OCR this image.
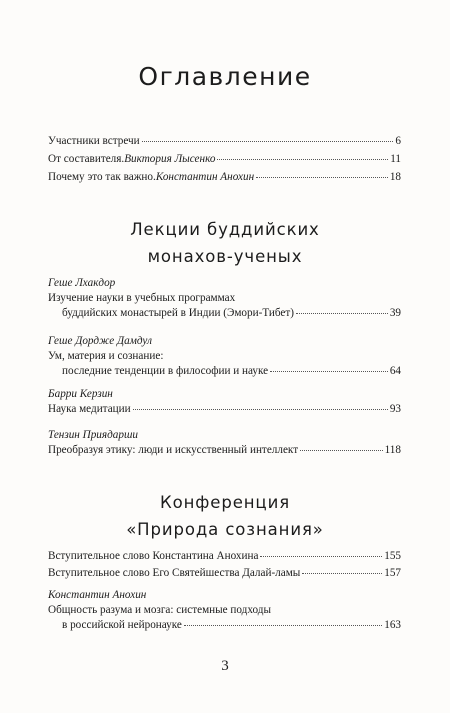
Оглавление
Участники встречи	6
От составителя. Виктория Лысенко	11
Почему это так важно. Константин Анохин	18
Лекции буддийских
монахов-ученых
Геше Лхакдор
Изучение науки в учебных программах
буддийских монастырей в Индии (Эмори-Тибет)	39
Геше Дордже Дамдул
Ум, материя и сознание:
последние тенденции в философии и науке	64
Барри Керзин
Наука медитации	93
Тензин Приядарши
Преобразуя этику: люди и искусственный интеллект	118
Конференция
«Природа сознания»
Вступительное слово Константина Анохина	155
Вступительное слово Его Святейшества Далай-ламы	157
Константин Анохин
Общность разума и мозга: системные подходы
в российской нейронауке	163
3
